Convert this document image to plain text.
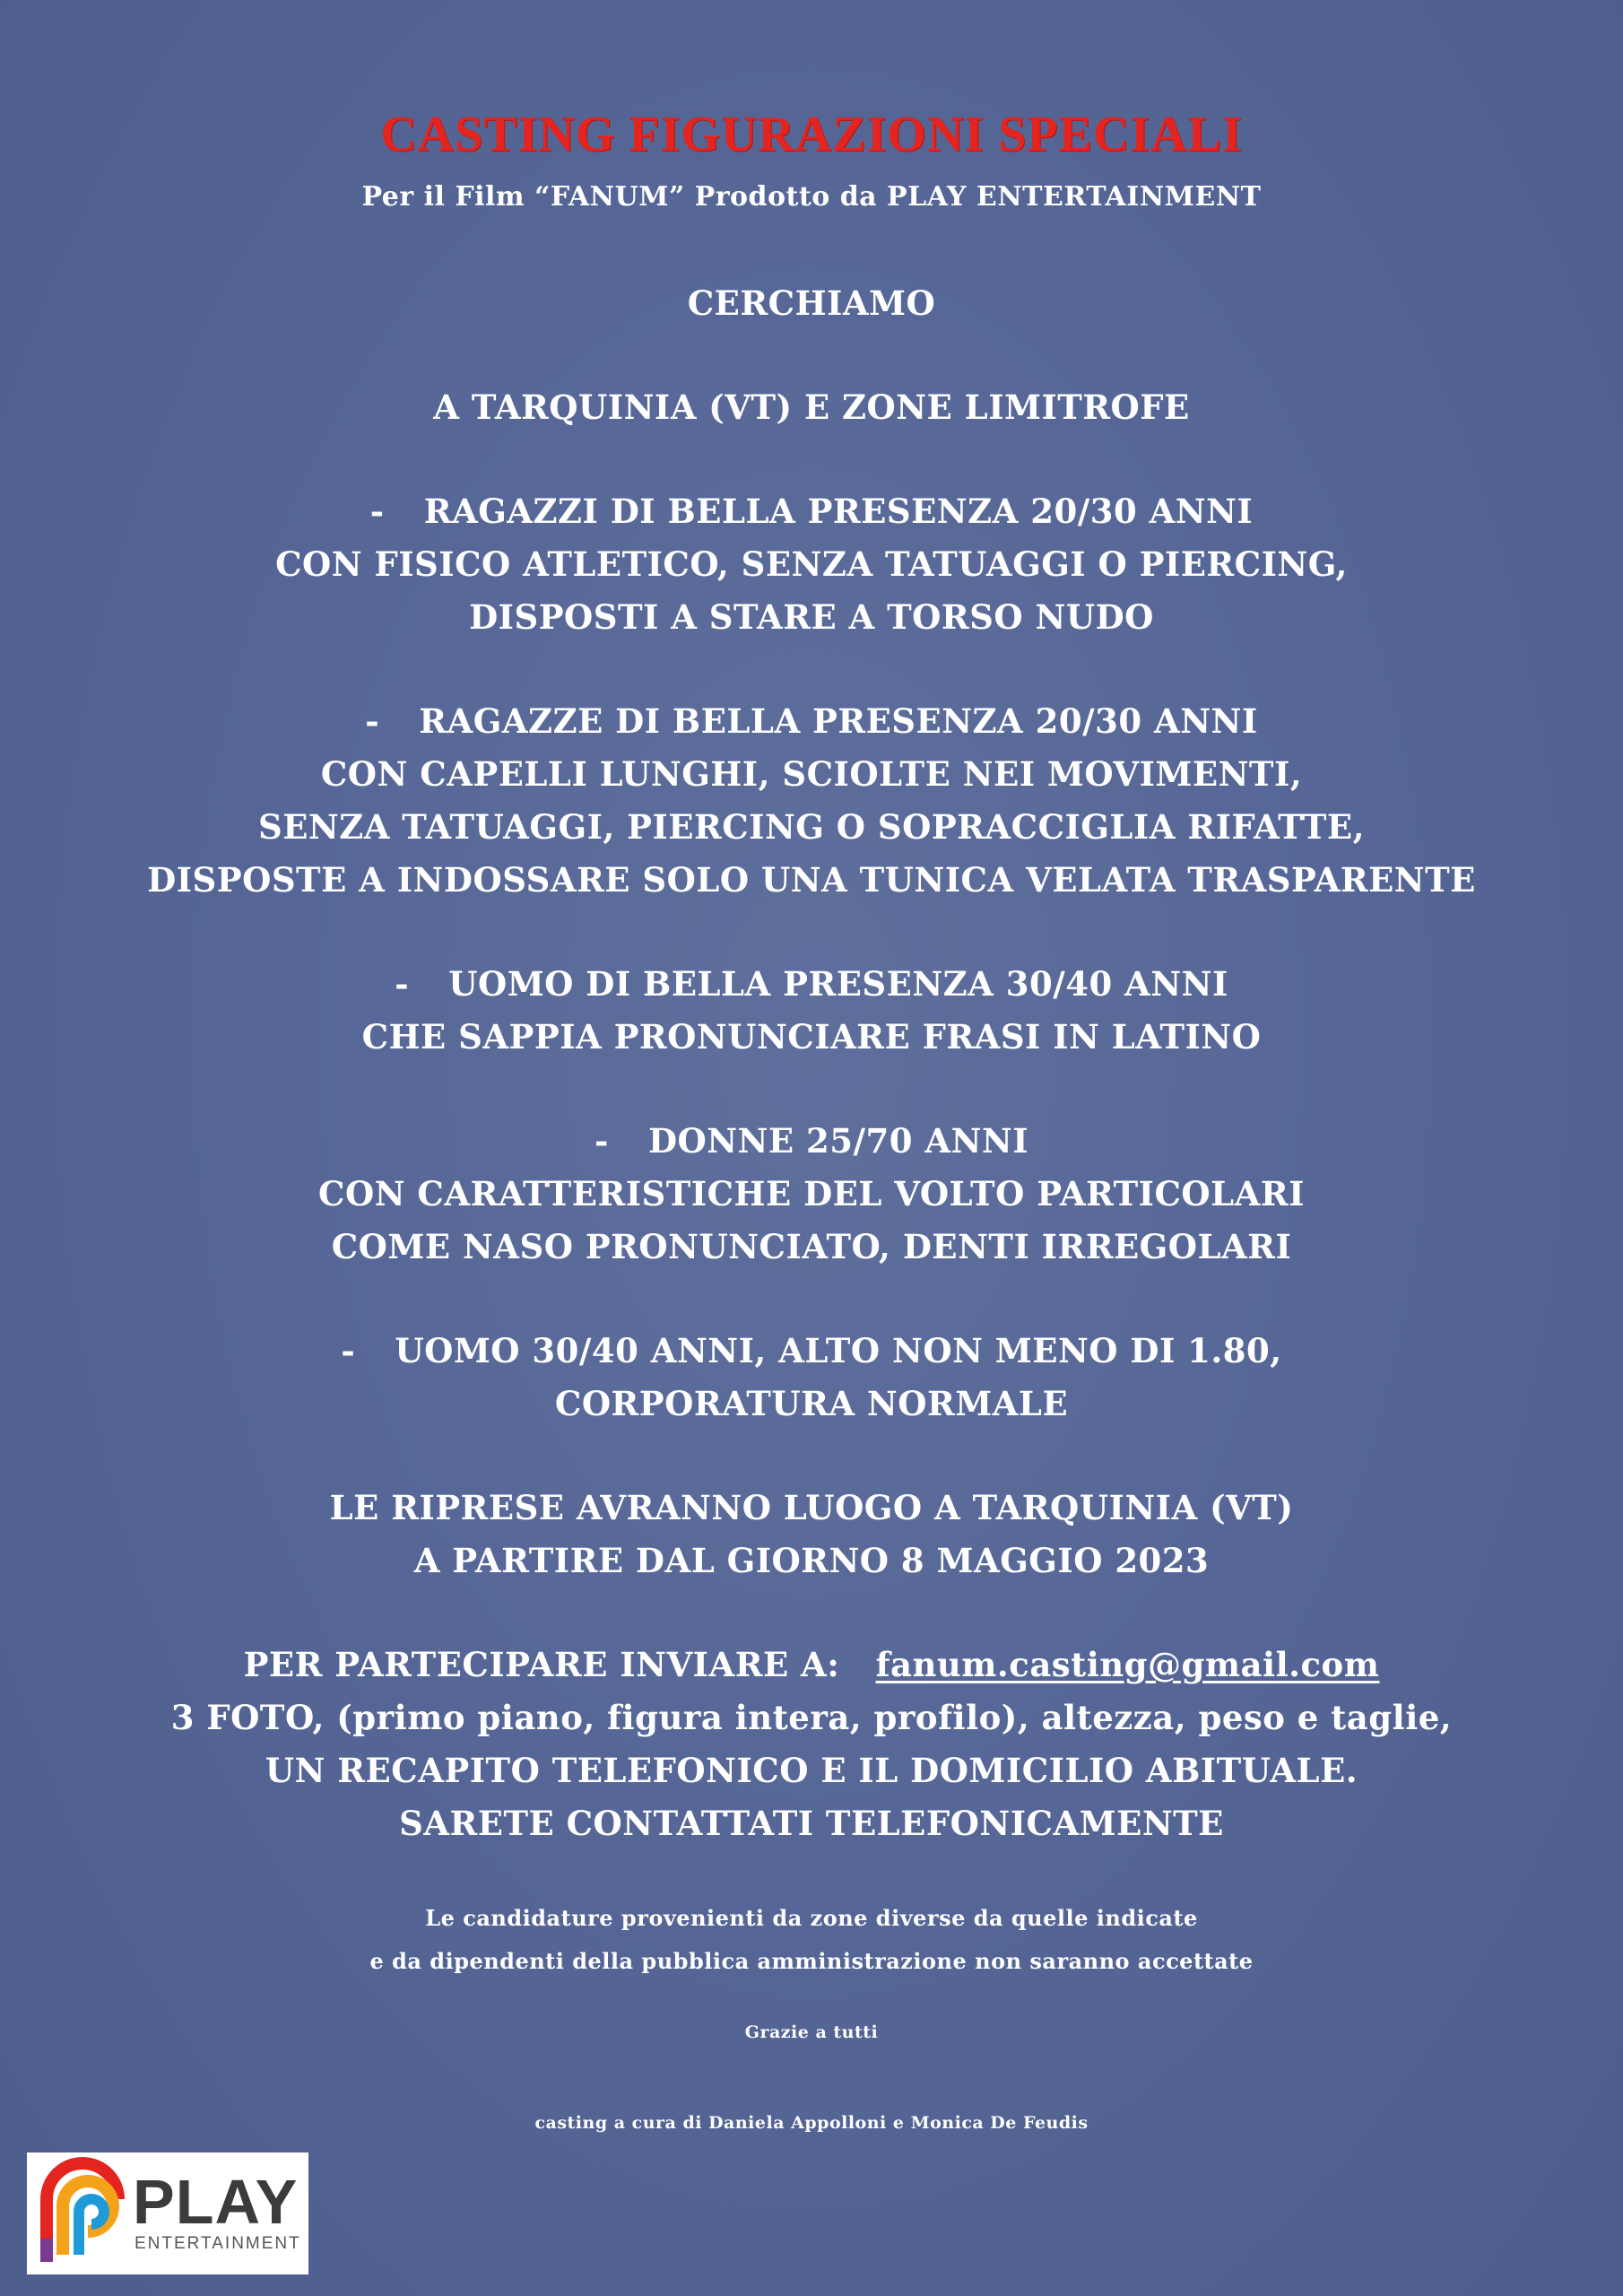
CASTING FIGURAZIONI SPECIALI
Per il Film “FANUM” Prodotto da PLAY ENTERTAINMENT
CERCHIAMO
A TARQUINIA (VT) E ZONE LIMITROFE
- RAGAZZI DI BELLA PRESENZA 20/30 ANNI
CON FISICO ATLETICO, SENZA TATUAGGI O PIERCING,
DISPOSTI A STARE A TORSO NUDO
- RAGAZZE DI BELLA PRESENZA 20/30 ANNI
CON CAPELLI LUNGHI, SCIOLTE NEI MOVIMENTI,
SENZA TATUAGGI, PIERCING O SOPRACCIGLIA RIFATTE,
DISPOSTE A INDOSSARE SOLO UNA TUNICA VELATA TRASPARENTE
- UOMO DI BELLA PRESENZA 30/40 ANNI
CHE SAPPIA PRONUNCIARE FRASI IN LATINO
- DONNE 25/70 ANNI
CON CARATTERISTICHE DEL VOLTO PARTICOLARI
COME NASO PRONUNCIATO, DENTI IRREGOLARI
- UOMO 30/40 ANNI, ALTO NON MENO DI 1.80,
CORPORATURA NORMALE
LE RIPRESE AVRANNO LUOGO A TARQUINIA (VT)
A PARTIRE DAL GIORNO 8 MAGGIO 2023
PER PARTECIPARE INVIARE A: fanum.casting@gmail.com
3 FOTO, (primo piano, figura intera, profilo), altezza, peso e taglie,
UN RECAPITO TELEFONICO E IL DOMICILIO ABITUALE.
SARETE CONTATTATI TELEFONICAMENTE
Le candidature provenienti da zone diverse da quelle indicate
e da dipendenti della pubblica amministrazione non saranno accettate
Grazie a tutti
casting a cura di Daniela Appolloni e Monica De Feudis
PLAY
ENTERTAINMENT
